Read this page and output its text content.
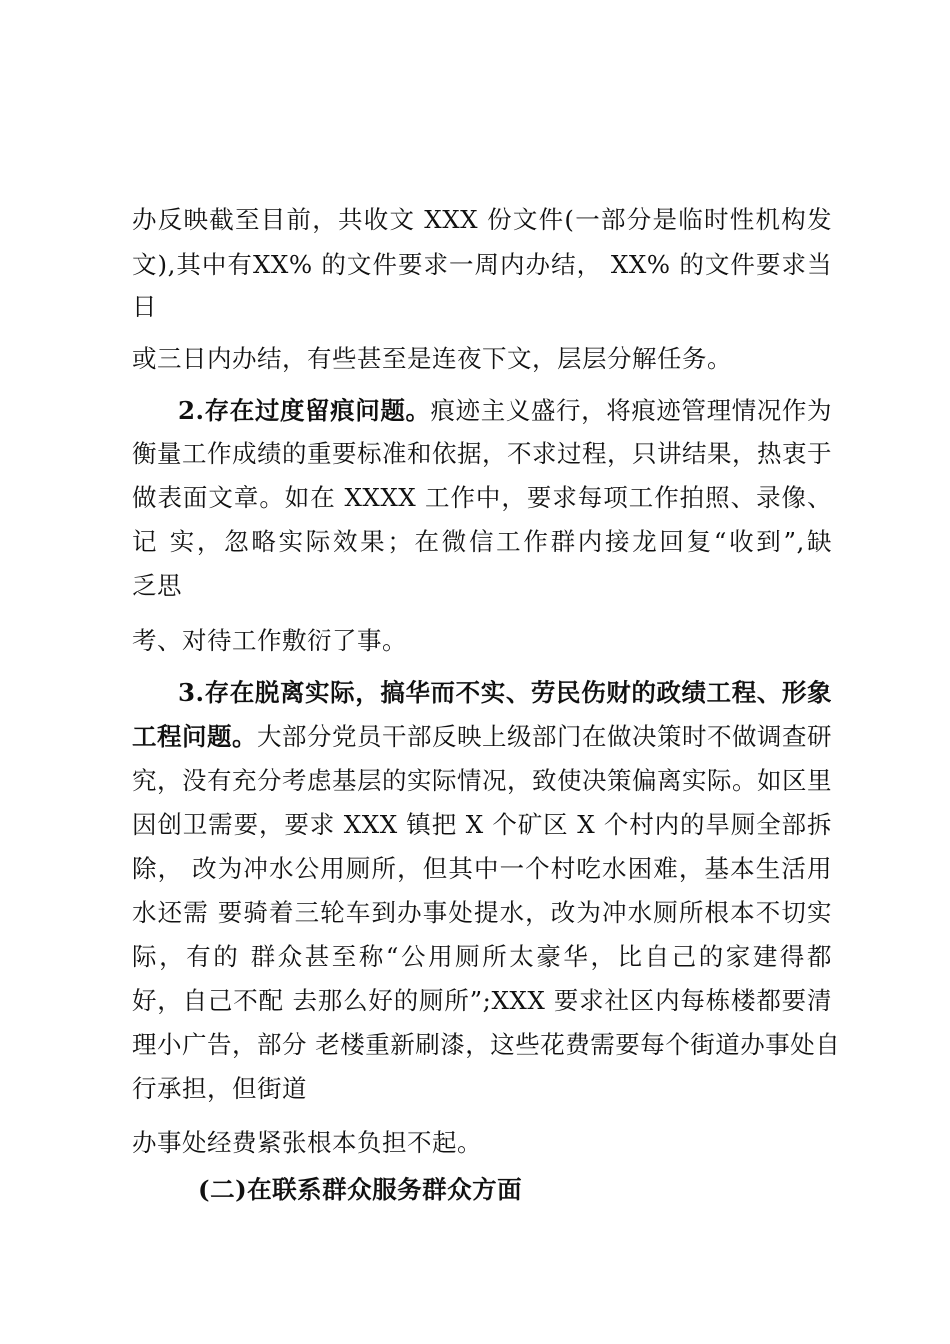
办反映截至目前，共收文 XXX 份文件(一部分是临时性机构发
文),其中有XX% 的文件要求一周内办结， XX% 的文件要求当
日
或三日内办结，有些甚至是连夜下文，层层分解任务。
2.存在过度留痕问题。痕迹主义盛行，将痕迹管理情况作为
衡量工作成绩的重要标准和依据，不求过程，只讲结果，热衷于
做表面文章。如在 XXXX 工作中，要求每项工作拍照、录像、
记 实，忽略实际效果；在微信工作群内接龙回复“收到”,缺
乏思
考、对待工作敷衍了事。
3.存在脱离实际，搞华而不实、劳民伤财的政绩工程、形象
工程问题。大部分党员干部反映上级部门在做决策时不做调查研
究，没有充分考虑基层的实际情况，致使决策偏离实际。如区里
因创卫需要，要求 XXX 镇把 X 个矿区 X 个村内的旱厕全部拆
除， 改为冲水公用厕所，但其中一个村吃水困难，基本生活用
水还需 要骑着三轮车到办事处提水，改为冲水厕所根本不切实
际，有的 群众甚至称“公用厕所太豪华，比自己的家建得都
好，自己不配 去那么好的厕所”;XXX 要求社区内每栋楼都要清
理小广告，部分 老楼重新刷漆，这些花费需要每个街道办事处自
行承担，但街道
办事处经费紧张根本负担不起。
(二)在联系群众服务群众方面
